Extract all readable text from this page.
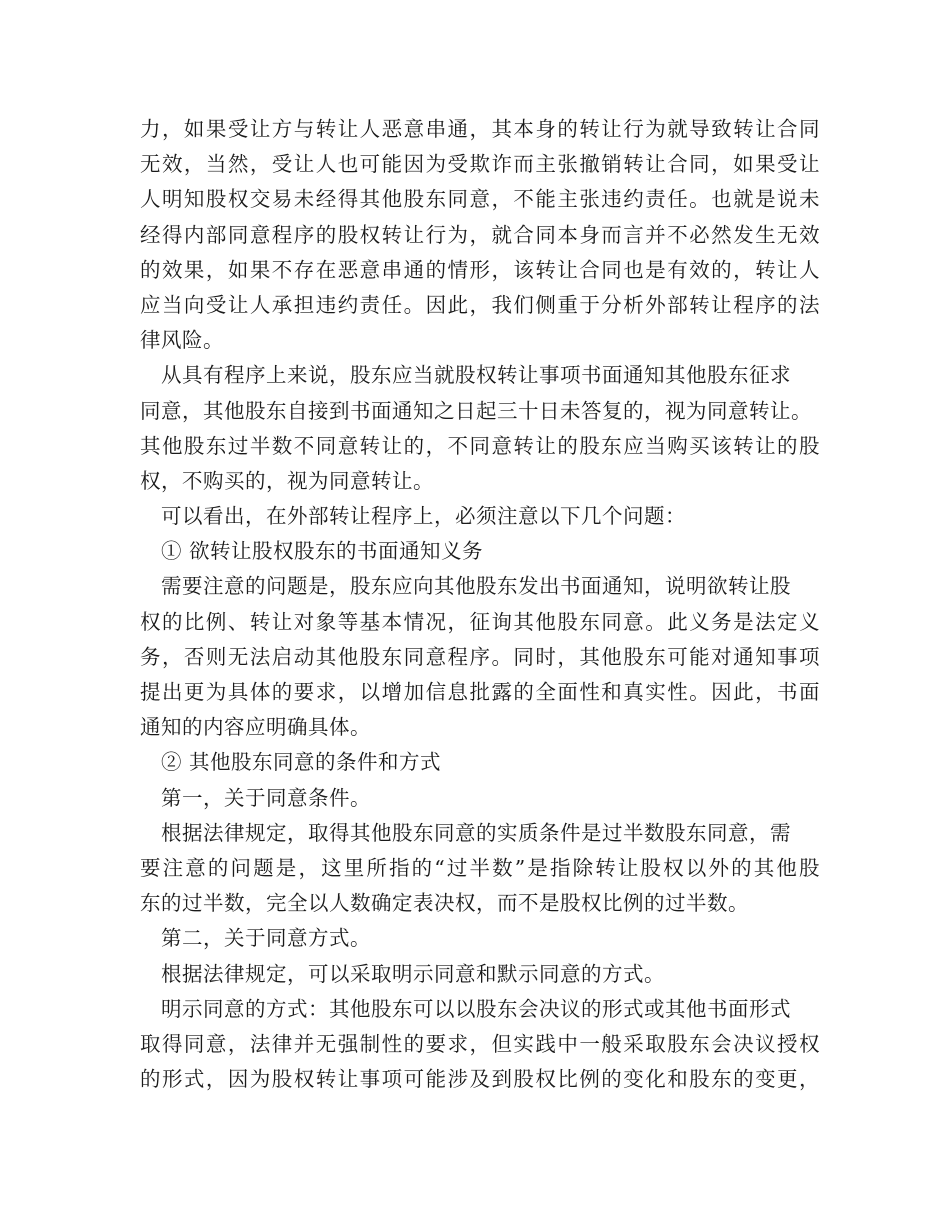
力，如果受让方与转让人恶意串通，其本身的转让行为就导致转让合同
无效，当然，受让人也可能因为受欺诈而主张撤销转让合同，如果受让
人明知股权交易未经得其他股东同意，不能主张违约责任。也就是说未
经得内部同意程序的股权转让行为，就合同本身而言并不必然发生无效
的效果，如果不存在恶意串通的情形，该转让合同也是有效的，转让人
应当向受让人承担违约责任。因此，我们侧重于分析外部转让程序的法
律风险。
从具有程序上来说，股东应当就股权转让事项书面通知其他股东征求
同意，其他股东自接到书面通知之日起三十日未答复的，视为同意转让。
其他股东过半数不同意转让的，不同意转让的股东应当购买该转让的股
权，不购买的，视为同意转让。
可以看出，在外部转让程序上，必须注意以下几个问题：
① 欲转让股权股东的书面通知义务
需要注意的问题是，股东应向其他股东发出书面通知，说明欲转让股
权的比例、转让对象等基本情况，征询其他股东同意。此义务是法定义
务，否则无法启动其他股东同意程序。同时，其他股东可能对通知事项
提出更为具体的要求，以增加信息批露的全面性和真实性。因此，书面
通知的内容应明确具体。
② 其他股东同意的条件和方式
第一，关于同意条件。
根据法律规定，取得其他股东同意的实质条件是过半数股东同意，需
要注意的问题是，这里所指的“过半数”是指除转让股权以外的其他股
东的过半数，完全以人数确定表决权，而不是股权比例的过半数。
第二，关于同意方式。
根据法律规定，可以采取明示同意和默示同意的方式。
明示同意的方式：其他股东可以以股东会决议的形式或其他书面形式
取得同意，法律并无强制性的要求，但实践中一般采取股东会决议授权
的形式，因为股权转让事项可能涉及到股权比例的变化和股东的变更，
